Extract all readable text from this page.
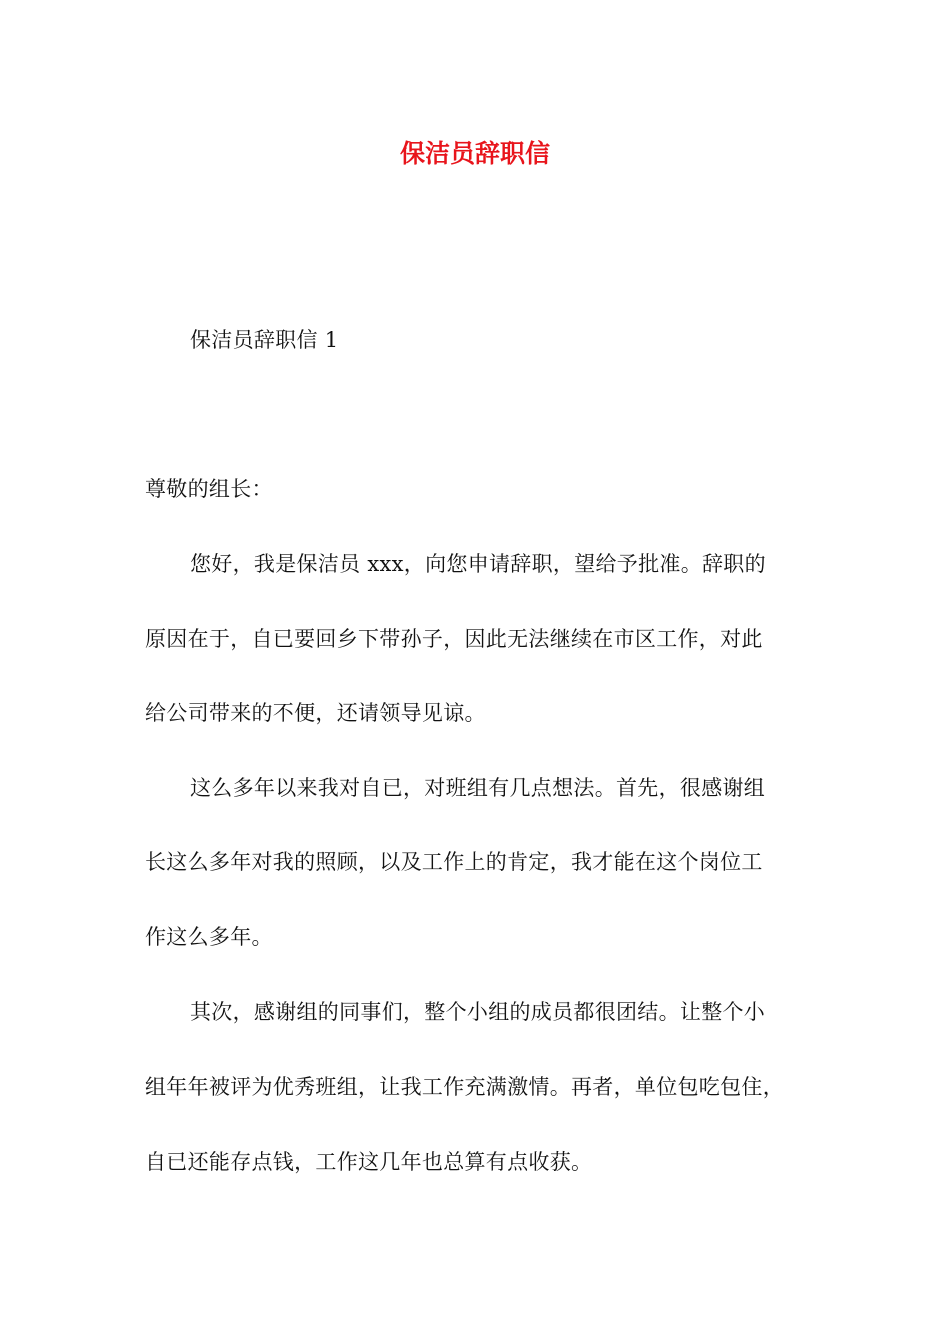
保洁员辞职信
保洁员辞职信 1
尊敬的组长：
您好，我是保洁员 xxx，向您申请辞职，望给予批准。辞职的
原因在于，自已要回乡下带孙子，因此无法继续在市区工作，对此
给公司带来的不便，还请领导见谅。
这么多年以来我对自已，对班组有几点想法。首先，很感谢组
长这么多年对我的照顾，以及工作上的肯定，我才能在这个岗位工
作这么多年。
其次，感谢组的同事们，整个小组的成员都很团结。让整个小
组年年被评为优秀班组，让我工作充满激情。再者，单位包吃包住，
自已还能存点钱，工作这几年也总算有点收获。
